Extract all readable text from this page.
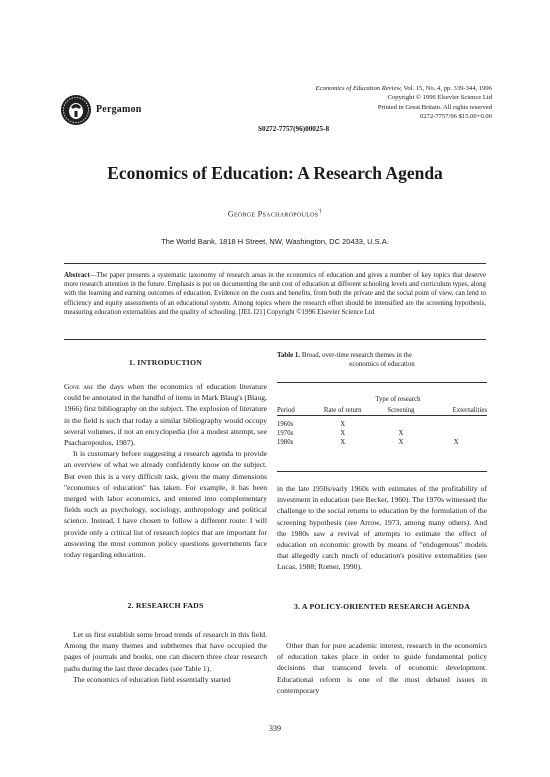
Pergamon
Economics of Education Review, Vol. 15, No. 4, pp. 339-344, 1996
Copyright © 1996 Elsevier Science Ltd
Printed in Great Britain. All rights reserved
0272-7757/96 $15.00+0.00
S0272-7757(96)00025-8
Economics of Education: A Research Agenda
George Psacharopoulos†
The World Bank, 1818 H Street, NW, Washington, DC 20433, U.S.A.

Abstract—The paper presents a systematic taxonomy of research areas in the economics of education and gives a number of key topics that deserve more research attention in the future. Emphasis is put on documenting the unit cost of education at different schooling levels and curriculum types, along with the learning and earning outcomes of education. Evidence on the costs and benefits, from both the private and the social point of view, can lend to efficiency and equity assessments of an educational system. Among topics where the research effort should be intensified are the screening hypothesis, measuring education externalities and the quality of schooling. [JEL I21] Copyright ©1996 Elsevier Science Ltd

1. INTRODUCTION

Gone are the days when the economics of education literature could be annotated in the handful of items in Mark Blaug's (Blaug, 1966) first bibliography on the subject. The explosion of literature in the field is such that today a similar bibliography would occupy several volumes, if not an encyclopedia (for a modest attempt, see Psacharopoulos, 1987).

It is customary before suggesting a research agenda to provide an overview of what we already confidently know on the subject. But even this is a very difficult task, given the many dimensions "economics of education" has taken. For example, it has been merged with labor economics, and entered into complementary fields such as psychology, sociology, anthropology and political science. Instead, I have chosen to follow a different route: I will provide only a critical list of research topics that are important for answering the most common policy questions governments face today regarding education.

Table 1. Broad, over-time research themes in the
economics of education
	Type of research		
Period	Rate of return	Screening	Externalities

1960s	X		
1970s	X	X	
1980s	X	X	X

in the late 1950s/early 1960s with estimates of the profitability of investment in education (see Becker, 1960). The 1970s witnessed the challenge to the social returns to education by the formulation of the screening hypothesis (see Arrow, 1973, among many others). And the 1980s saw a revival of attempts to estimate the effect of education on economic growth by means of "endogenous" models that allegedly catch much of education's positive externalities (see Lucas, 1988; Romer, 1990).

2. RESEARCH FADS

Let us first establish some broad trends of research in this field. Among the many themes and subthemes that have occupied the pages of journals and books, one can discern three clear research paths during the last three decades (see Table 1).

The economics of education field essentially started

3. A POLICY-ORIENTED RESEARCH AGENDA

Other than for pure academic interest, research in the economics of education takes place in order to guide fundamental policy decisions that transcend levels of economic development. Educational reform is one of the most debated issues in contemporary

339
